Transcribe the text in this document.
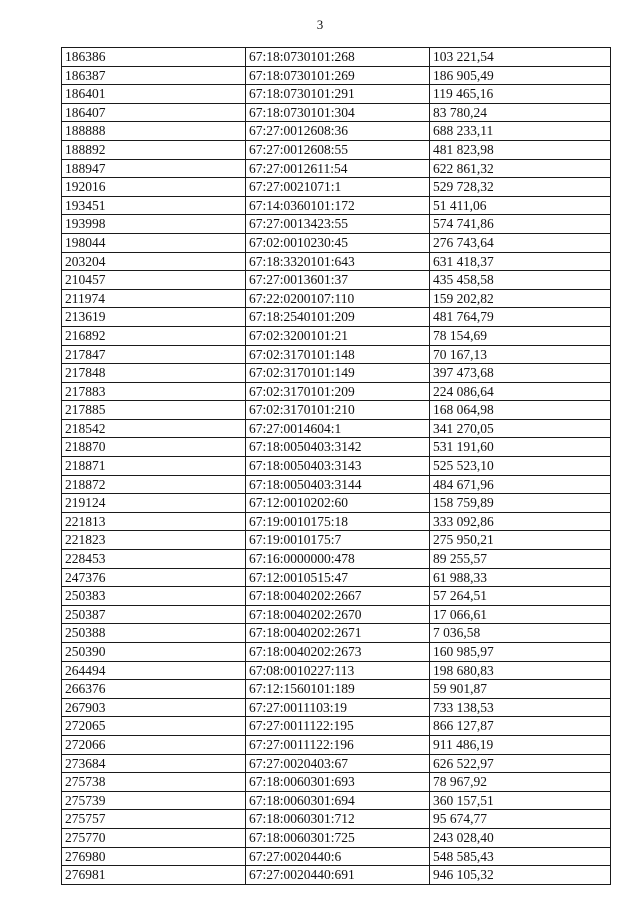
3
186386	67:18:0730101:268	103 221,54
186387	67:18:0730101:269	186 905,49
186401	67:18:0730101:291	119 465,16
186407	67:18:0730101:304	83 780,24
188888	67:27:0012608:36	688 233,11
188892	67:27:0012608:55	481 823,98
188947	67:27:0012611:54	622 861,32
192016	67:27:0021071:1	529 728,32
193451	67:14:0360101:172	51 411,06
193998	67:27:0013423:55	574 741,86
198044	67:02:0010230:45	276 743,64
203204	67:18:3320101:643	631 418,37
210457	67:27:0013601:37	435 458,58
211974	67:22:0200107:110	159 202,82
213619	67:18:2540101:209	481 764,79
216892	67:02:3200101:21	78 154,69
217847	67:02:3170101:148	70 167,13
217848	67:02:3170101:149	397 473,68
217883	67:02:3170101:209	224 086,64
217885	67:02:3170101:210	168 064,98
218542	67:27:0014604:1	341 270,05
218870	67:18:0050403:3142	531 191,60
218871	67:18:0050403:3143	525 523,10
218872	67:18:0050403:3144	484 671,96
219124	67:12:0010202:60	158 759,89
221813	67:19:0010175:18	333 092,86
221823	67:19:0010175:7	275 950,21
228453	67:16:0000000:478	89 255,57
247376	67:12:0010515:47	61 988,33
250383	67:18:0040202:2667	57 264,51
250387	67:18:0040202:2670	17 066,61
250388	67:18:0040202:2671	7 036,58
250390	67:18:0040202:2673	160 985,97
264494	67:08:0010227:113	198 680,83
266376	67:12:1560101:189	59 901,87
267903	67:27:0011103:19	733 138,53
272065	67:27:0011122:195	866 127,87
272066	67:27:0011122:196	911 486,19
273684	67:27:0020403:67	626 522,97
275738	67:18:0060301:693	78 967,92
275739	67:18:0060301:694	360 157,51
275757	67:18:0060301:712	95 674,77
275770	67:18:0060301:725	243 028,40
276980	67:27:0020440:6	548 585,43
276981	67:27:0020440:691	946 105,32
